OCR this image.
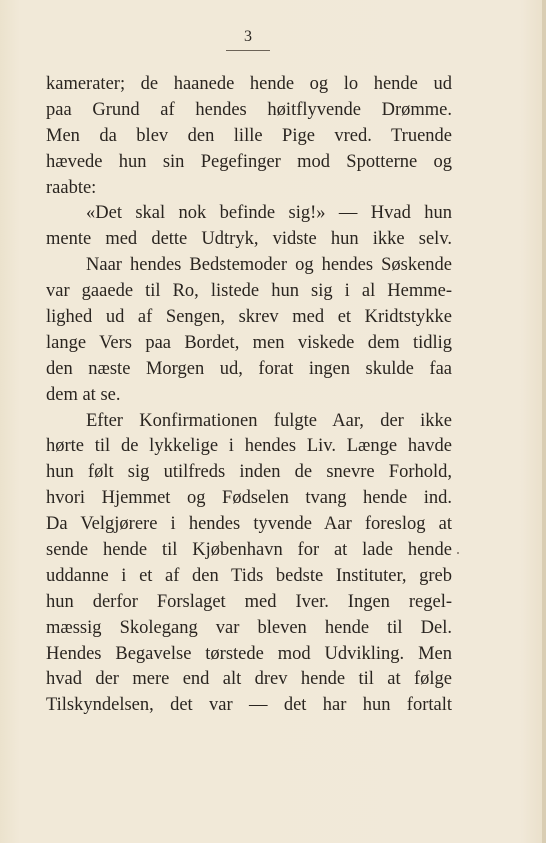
3
kamerater; de haanede hende og lo hende ud
paa Grund af hendes høitflyvende Drømme.
Men da blev den lille Pige vred. Truende
hævede hun sin Pegefinger mod Spotterne og
raabte:
«Det skal nok befinde sig!» — Hvad hun
mente med dette Udtryk, vidste hun ikke selv.
Naar hendes Bedstemoder og hendes Søskende
var gaaede til Ro, listede hun sig i al Hemme-
lighed ud af Sengen, skrev med et Kridtstykke
lange Vers paa Bordet, men viskede dem tidlig
den næste Morgen ud, forat ingen skulde faa
dem at se.
Efter Konfirmationen fulgte Aar, der ikke
hørte til de lykkelige i hendes Liv. Længe havde
hun følt sig utilfreds inden de snevre Forhold,
hvori Hjemmet og Fødselen tvang hende ind.
Da Velgjørere i hendes tyvende Aar foreslog at
sende hende til Kjøbenhavn for at lade hende
uddanne i et af den Tids bedste Instituter, greb
hun derfor Forslaget med Iver. Ingen regel-
mæssig Skolegang var bleven hende til Del.
Hendes Begavelse tørstede mod Udvikling. Men
hvad der mere end alt drev hende til at følge
Tilskyndelsen, det var — det har hun fortalt
